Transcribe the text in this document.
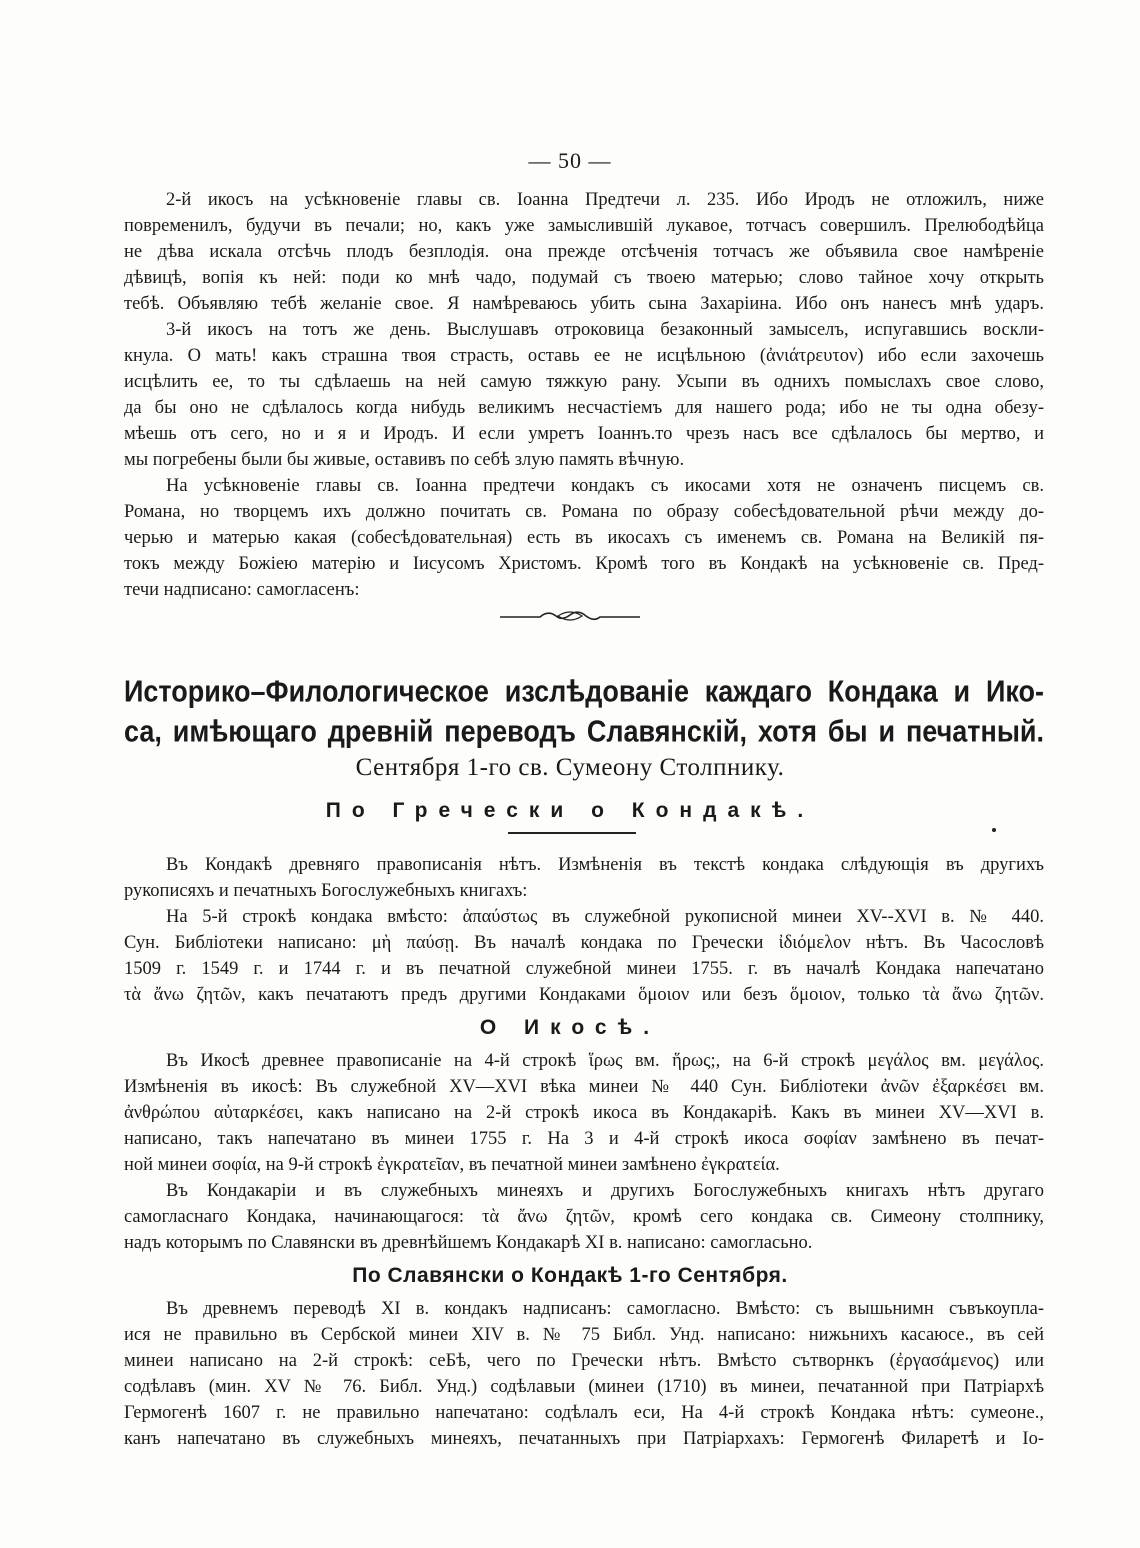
— 50 —
2-й икосъ на усѣкновеніе главы св. Іоанна Предтечи л. 235. Ибо Иродъ не отложилъ, ниже
повременилъ, будучи въ печали; но, какъ уже замыслившій лукавое, тотчасъ совершилъ. Прелюбодѣйца
не дѣва искала отсѣчь плодъ безплодія. она прежде отсѣченія тотчасъ же объявила свое намѣреніе
дѣвицѣ, вопія къ ней: поди ко мнѣ чадо, подумай съ твоею матерью; слово тайное хочу открыть
тебѣ. Объявляю тебѣ желаніе свое. Я намѣреваюсь убить сына Захаріина. Ибо онъ нанесъ мнѣ ударъ.
3-й икосъ на тотъ же день. Выслушавъ отроковица безаконный замыселъ, испугавшись воскли-
кнула. О мать! какъ страшна твоя страсть, оставь ее не исцѣльною (ἀνιάτρευτον) ибо если захочешь
исцѣлить ее, то ты сдѣлаешь на ней самую тяжкую рану. Усыпи въ однихъ помыслахъ свое слово,
да бы оно не сдѣлалось когда нибудь великимъ несчастіемъ для нашего рода; ибо не ты одна обезу-
мѣешь отъ сего, но и я и Иродъ. И если умретъ Іоаннъ.то чрезъ насъ все сдѣлалось бы мертво, и
мы погребены были бы живые, оставивъ по себѣ злую память вѣчную.
На усѣкновеніе главы св. Іоанна предтечи кондакъ съ икосами хотя не означенъ писцемъ св.
Романа, но творцемъ ихъ должно почитать св. Романа по образу собесѣдовательной рѣчи между до-
черью и матерью какая (собесѣдовательная) есть въ икосахъ съ именемъ св. Романа на Великій пя-
токъ между Божіею матерію и Іисусомъ Христомъ. Кромѣ того въ Кондакѣ на усѣкновеніе св. Пред-
течи надписано: самогласенъ:
Историко–Филологическое изслѣдованіе каждаго Кондака и Ико-
са, имѣющаго древній переводъ Славянскій, хотя бы и печатный.
Сентября 1-го св. Сумеону Столпнику.
По Гречески о Кондакѣ.
Въ Кондакѣ древняго правописанія нѣтъ. Измѣненія въ текстѣ кондака слѣдующія въ другихъ
рукописяхъ и печатныхъ Богослужебныхъ книгахъ:
На 5-й строкѣ кондака вмѣсто: ἀπαύστως въ служебной рукописной минеи XV--XVI в. № 440.
Сун. Библіотеки написано: μὴ παύσῃ. Въ началѣ кондака по Гречески ἰδιόμελον нѣтъ. Въ Часословѣ
1509 г. 1549 г. и 1744 г. и въ печатной служебной минеи 1755. г. въ началѣ Кондака напечатано
τὰ ἄνω ζητῶν, какъ печатаютъ предъ другими Кондаками ὅμοιον или безъ ὅμοιον, только τὰ ἄνω ζητῶν.
О Икосѣ.
Въ Икосѣ древнее правописаніе на 4-й строкѣ ἵρως вм. ἥρως;, на 6-й строкѣ μεγάλος вм. μεγάλος.
Измѣненія въ икосѣ: Въ служебной XV—XVI вѣка минеи № 440 Сун. Библіотеки ἀνῶν ἐξαρκέσει вм.
ἀνθρώπου αὐταρκέσει, какъ написано на 2-й строкѣ икоса въ Кондакаріѣ. Какъ въ минеи XV—XVI в.
написано, такъ напечатано въ минеи 1755 г. На 3 и 4-й строкѣ икоса σοφίαν замѣнено въ печат-
ной минеи σοφία, на 9-й строкѣ ἐγκρατεῖαν, въ печатной минеи замѣнено ἐγκρατεία.
Въ Кондакаріи и въ служебныхъ минеяхъ и другихъ Богослужебныхъ книгахъ нѣтъ другаго
самогласнаго Кондака, начинающагося: τὰ ἄνω ζητῶν, кромѣ сего кондака св. Симеону столпнику,
надъ которымъ по Славянски въ древнѣйшемъ Кондакарѣ XI в. написано: самогласьно.
По Славянски о Кондакѣ 1-го Сентября.
Въ древнемъ переводѣ XI в. кондакъ надписанъ: самогласно. Вмѣсто: съ вышьнимн съвъкоупла-
ися не правильно въ Сербской минеи XIV в. № 75 Библ. Унд. написано: нижьнихъ касаюсе., въ сей
минеи написано на 2-й строкѣ: сеБѣ, чего по Гречески нѣтъ. Вмѣсто сътворнкъ (ἐργασάμενος) или
содѣлавъ (мин. XV № 76. Библ. Унд.) содѣлавыи (минеи (1710) въ минеи, печатанной при Патріархѣ
Гермогенѣ 1607 г. не правильно напечатано: содѣлалъ еси, На 4-й строкѣ Кондака нѣтъ: сумеоне.,
канъ напечатано въ служебныхъ минеяхъ, печатанныхъ при Патріархахъ: Гермогенѣ Филаретѣ и Іо-
